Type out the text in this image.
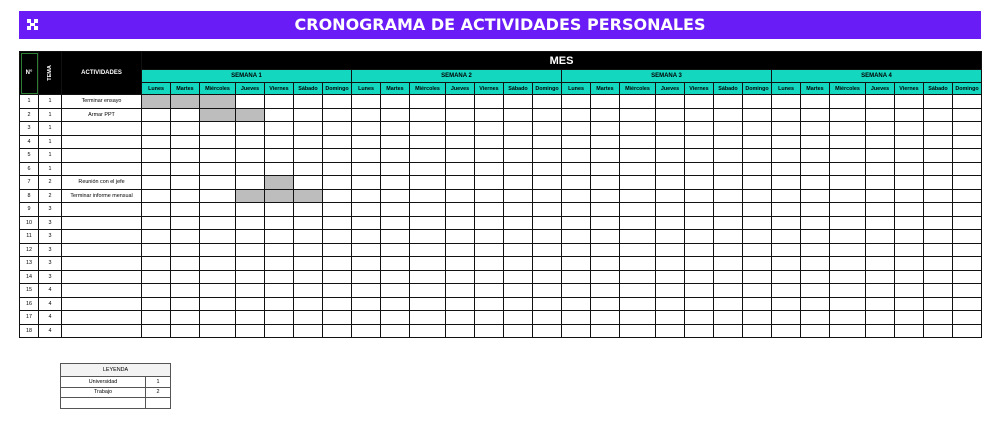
CRONOGRAMA DE ACTIVIDADES PERSONALES
N°	TEMA	ACTIVIDADES	MES																											
			SEMANA 1							SEMANA 2							SEMANA 3							SEMANA 4						
			Lunes	Martes	Miércoles	Jueves	Viernes	Sábado	Domingo	Lunes	Martes	Miércoles	Jueves	Viernes	Sábado	Domingo	Lunes	Martes	Miércoles	Jueves	Viernes	Sábado	Domingo	Lunes	Martes	Miércoles	Jueves	Viernes	Sábado	Domingo
1	1	Terminar ensayo																												
2	1	Armar PPT																												
3	1																													
4	1																													
5	1																													
6	1																													
7	2	Reunión con el jefe																												
8	2	Terminar informe mensual																												
9	3																													
10	3																													
11	3																													
12	3																													
13	3																													
14	3																													
15	4																													
16	4																													
17	4																													
18	4																													
LEYENDA	
Universidad	1
Trabajo	2
